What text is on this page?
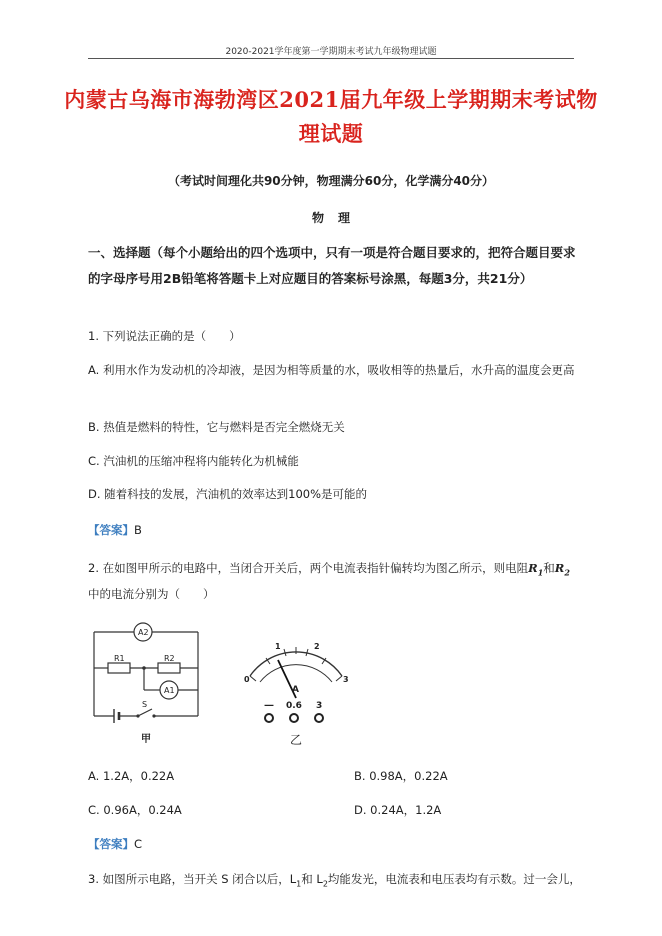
2020-2021学年度第一学期期末考试九年级物理试题
内蒙古乌海市海勃湾区2021届九年级上学期期末考试物
理试题
（考试时间理化共90分钟，物理满分60分，化学满分40分）
物理
一、选择题（每个小题给出的四个选项中，只有一项是符合题目要求的，把符合题目要求的字母序号用2B铅笔将答题卡上对应题目的答案标号涂黑，每题3分，共21分）
1. 下列说法正确的是（　　）
A. 利用水作为发动机的冷却液，是因为相等质量的水，吸收相等的热量后，水升高的温度会更高
B. 热值是燃料的特性，它与燃料是否完全燃烧无关
C. 汽油机的压缩冲程将内能转化为机械能
D. 随着科技的发展，汽油机的效率达到100%是可能的
【答案】B
2. 在如图甲所示的电路中，当闭合开关后，两个电流表指针偏转均为图乙所示，则电阻$R_1$和$R_2$
中的电流分别为（　　）
A2
R1	R2
A1
S
甲
0
1	2
3
A
— 0.6 3
乙
A. 1.2A，0.22A	B. 0.98A，0.22A
C. 0.96A，0.24A	D. 0.24A，1.2A
【答案】C
3. 如图所示电路，当开关 S 闭合以后，$L_1$和 $L_2$均能发光，电流表和电压表均有示数。过一会儿，
